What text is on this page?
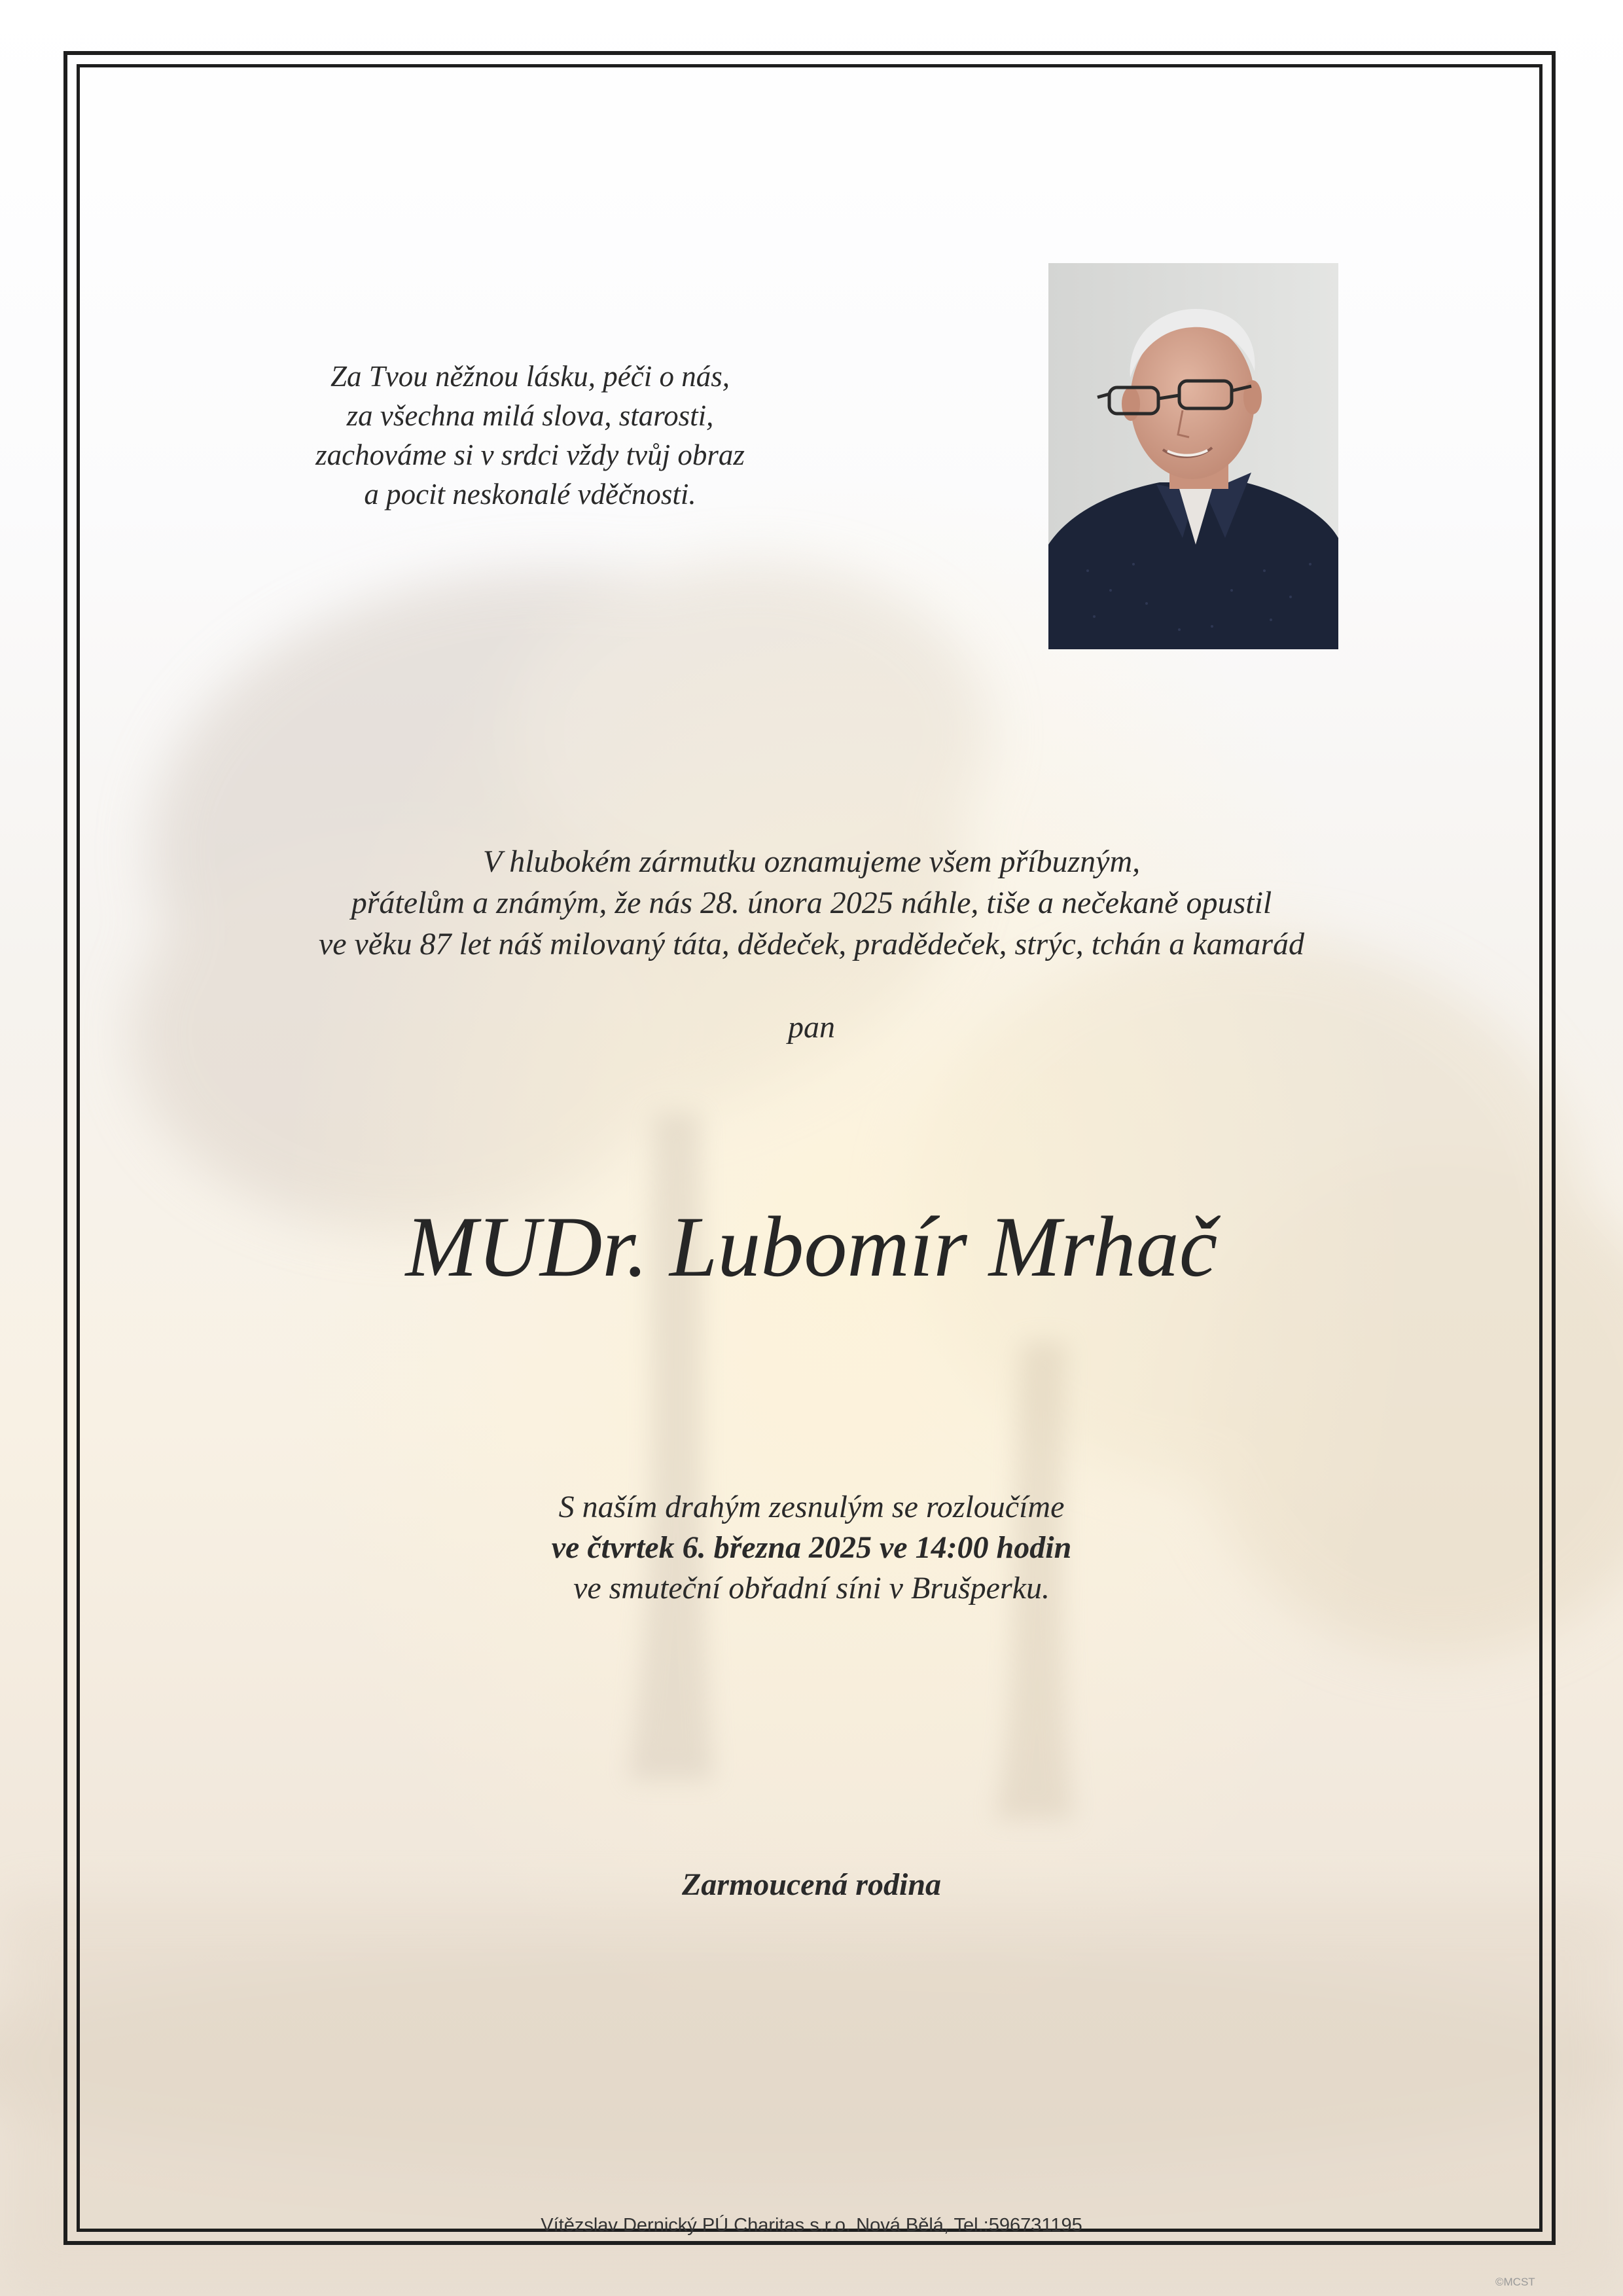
Za Tvou něžnou lásku, péči o nás,
za všechna milá slova, starosti,
zachováme si v srdci vždy tvůj obraz
a pocit neskonalé vděčnosti.
V hlubokém zármutku oznamujeme všem příbuzným,
přátelům a známým, že nás 28. února 2025 náhle, tiše a nečekaně opustil
ve věku 87 let náš milovaný táta, dědeček, pradědeček, strýc, tchán a kamarád
pan
MUDr. Lubomír Mrhač
S naším drahým zesnulým se rozloučíme
ve čtvrtek 6. března 2025 ve 14:00 hodin
ve smuteční obřadní síni v Brušperku.
Zarmoucená rodina
Vítězslav Dernický PÚ Charitas s.r.o. Nová Bělá, Tel.:596731195
©MCST
